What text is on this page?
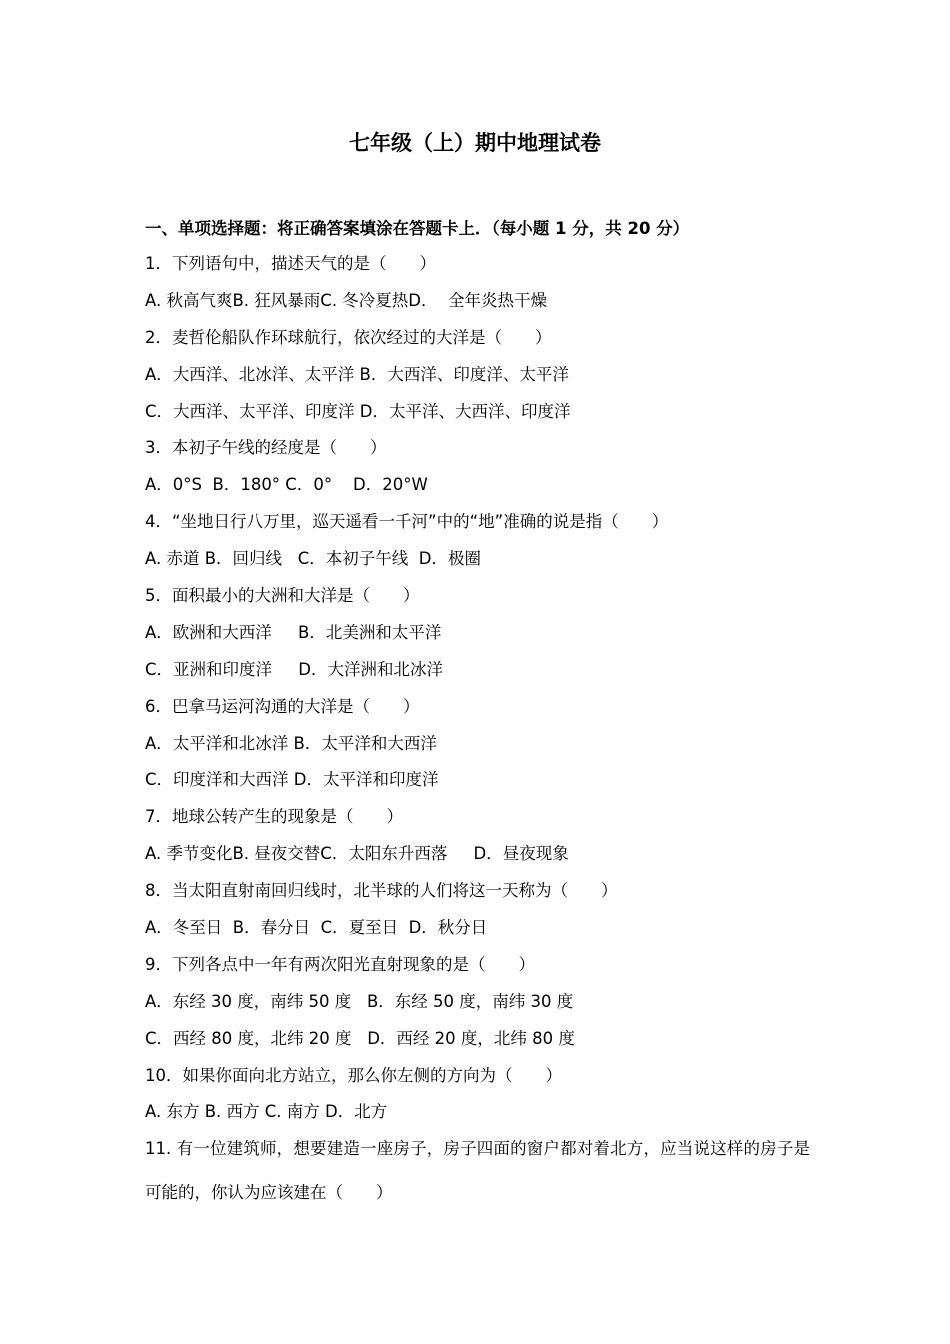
七年级（上）期中地理试卷
一、单项选择题：将正确答案填涂在答题卡上．（每小题 1 分，共 20 分）
1．下列语句中，描述天气的是（　　）
A. 秋高气爽B. 狂风暴雨C. 冬冷夏热D．  全年炎热干燥
2．麦哲伦船队作环球航行，依次经过的大洋是（　　）
A．大西洋、北冰洋、太平洋 B．大西洋、印度洋、太平洋
C．大西洋、太平洋、印度洋 D．太平洋、大西洋、印度洋
3．本初子午线的经度是（　　）
A．0°S  B．180° C．0°    D．20°W
4．“坐地日行八万里，巡天遥看一千河”中的“地”准确的说是指（　　）
A. 赤道 B．回归线   C．本初子午线  D．极圈
5．面积最小的大洲和大洋是（　　）
A．欧洲和大西洋     B．北美洲和太平洋
C．亚洲和印度洋     D．大洋洲和北冰洋
6．巴拿马运河沟通的大洋是（　　）
A．太平洋和北冰洋 B．太平洋和大西洋
C．印度洋和大西洋 D．太平洋和印度洋
7．地球公转产生的现象是（　　）
A. 季节变化B. 昼夜交替C．太阳东升西落     D．昼夜现象
8．当太阳直射南回归线时，北半球的人们将这一天称为（　　）
A．冬至日  B．春分日  C．夏至日  D．秋分日
9．下列各点中一年有两次阳光直射现象的是（　　）
A．东经 30 度，南纬 50 度   B．东经 50 度，南纬 30 度
C．西经 80 度，北纬 20 度   D．西经 20 度，北纬 80 度
10．如果你面向北方站立，那么你左侧的方向为（　　）
A. 东方 B. 西方 C. 南方 D．北方
11. 有一位建筑师，想要建造一座房子，房子四面的窗户都对着北方，应当说这样的房子是可能的，你认为应该建在（　　）
